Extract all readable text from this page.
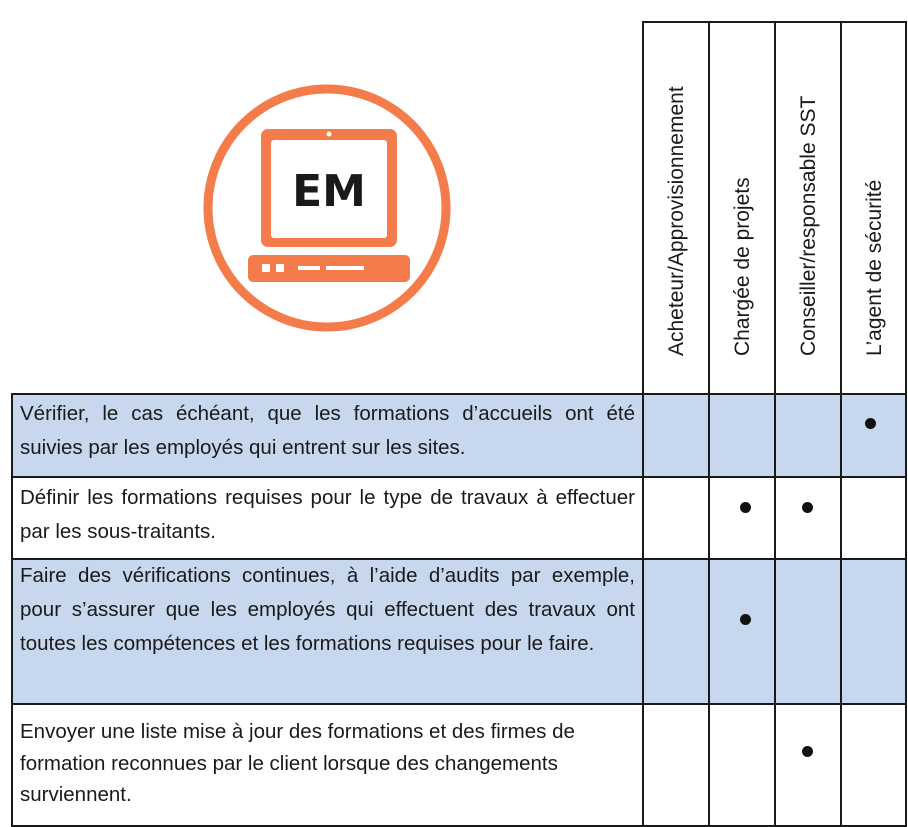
EM	Acheteur/Approvisionnement Chargée de projets Conseiller/responsable SST L’agent de sécurité
Vérifier, le cas échéant, que les formations d’accueils ont été suivies par les employés qui entrent sur les sites.
Définir les formations requises pour le type de travaux à effectuer par les sous-traitants.
Faire des vérifications continues, à l’aide d’audits par exemple, pour s’assurer que les employés qui effectuent des travaux ont toutes les compétences et les formations requises pour le faire.
Envoyer une liste mise à jour des formations et des firmes de formation reconnues par le client lorsque des changements surviennent.
